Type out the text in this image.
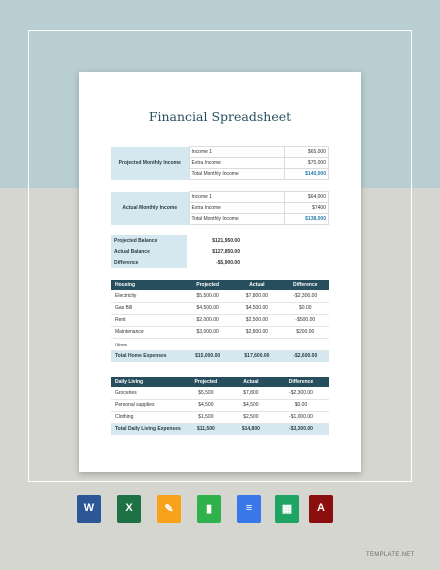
Financial Spreadsheet
Projected Monthly Income	Income 1	$65,000
	Extra Income	$75,000
	Total Monthly Income	$140,000
Actual Monthly Income	Income 1	$64,000
	Extra Income	$7400
	Total Monthly Income	$138,000
Projected Balance	$121,950.00
Actual Balance	$127,850.00
Difference	-$5,900.00
Housing	Projected	Actual	Difference
Electricity	$5,500.00	$7,800.00	-$2,300.00
Gas Bill	$4,500.00	$4,500.00	$0.00
Rent	$2,000.00	$2,500.00	-$500.00
Maintenance	$3,000.00	$2,800.00	$200.00
Others			
Total Home Expenses	$15,000.00	$17,600.00	-$2,600.00
Daily Living	Projected	Actual	Difference
Groceries	$5,500	$7,800	-$2,300.00
Personal supplies	$4,500	$4,500	$0.00
Clothing	$1,500	$2,500	-$1,000.00
Total Daily Living Expenses	$11,500	$14,800	-$3,300.00
W	X	✎	▮	≡	▦	A
TEMPLATE.NET
